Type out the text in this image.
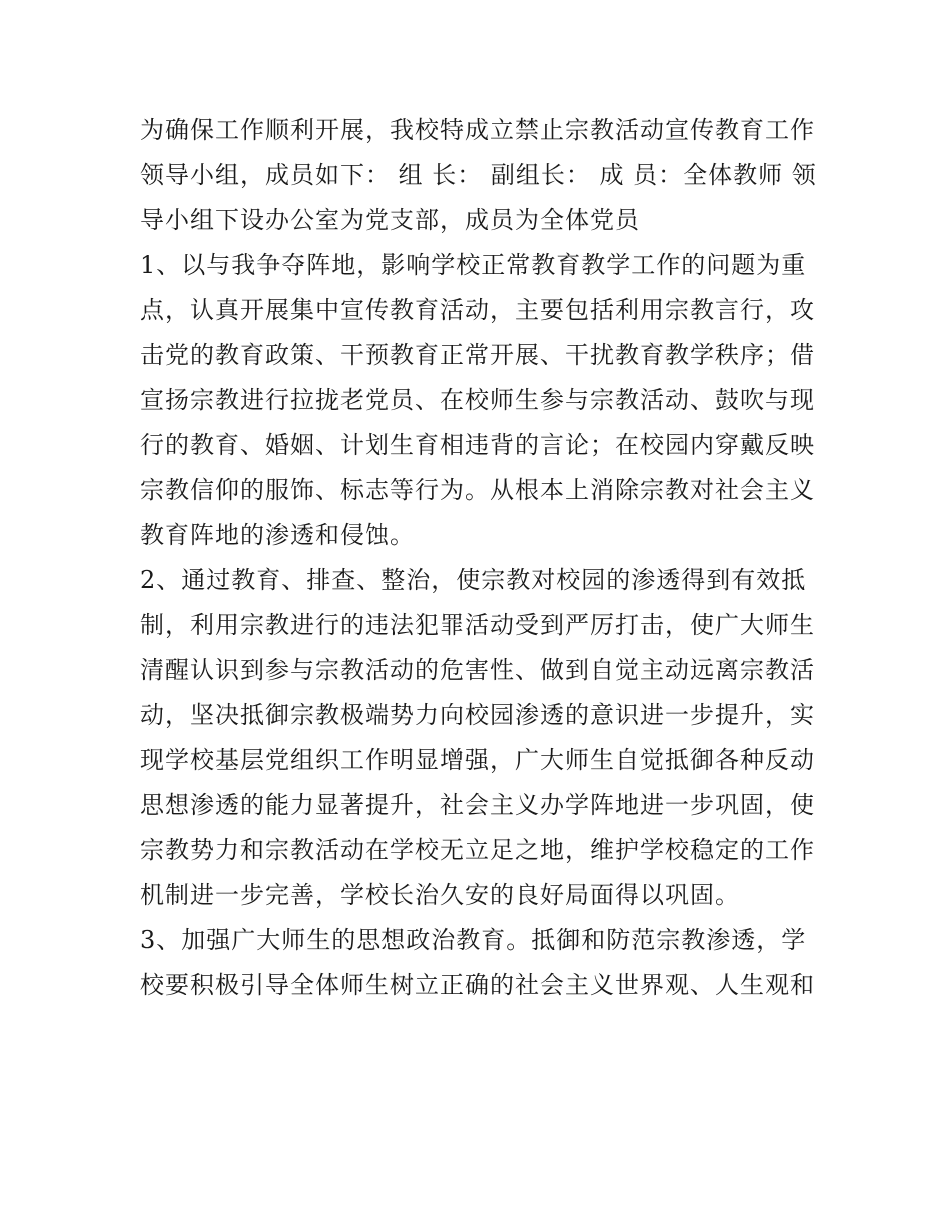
为确保工作顺利开展，我校特成立禁止宗教活动宣传教育工作
领导小组，成员如下： 组 长： 副组长： 成 员：全体教师 领
导小组下设办公室为党支部，成员为全体党员
1、以与我争夺阵地，影响学校正常教育教学工作的问题为重
点，认真开展集中宣传教育活动，主要包括利用宗教言行，攻
击党的教育政策、干预教育正常开展、干扰教育教学秩序；借
宣扬宗教进行拉拢老党员、在校师生参与宗教活动、鼓吹与现
行的教育、婚姻、计划生育相违背的言论；在校园内穿戴反映
宗教信仰的服饰、标志等行为。从根本上消除宗教对社会主义
教育阵地的渗透和侵蚀。
2、通过教育、排查、整治，使宗教对校园的渗透得到有效抵
制，利用宗教进行的违法犯罪活动受到严厉打击，使广大师生
清醒认识到参与宗教活动的危害性、做到自觉主动远离宗教活
动，坚决抵御宗教极端势力向校园渗透的意识进一步提升，实
现学校基层党组织工作明显增强，广大师生自觉抵御各种反动
思想渗透的能力显著提升，社会主义办学阵地进一步巩固，使
宗教势力和宗教活动在学校无立足之地，维护学校稳定的工作
机制进一步完善，学校长治久安的良好局面得以巩固。
3、加强广大师生的思想政治教育。抵御和防范宗教渗透，学
校要积极引导全体师生树立正确的社会主义世界观、人生观和
